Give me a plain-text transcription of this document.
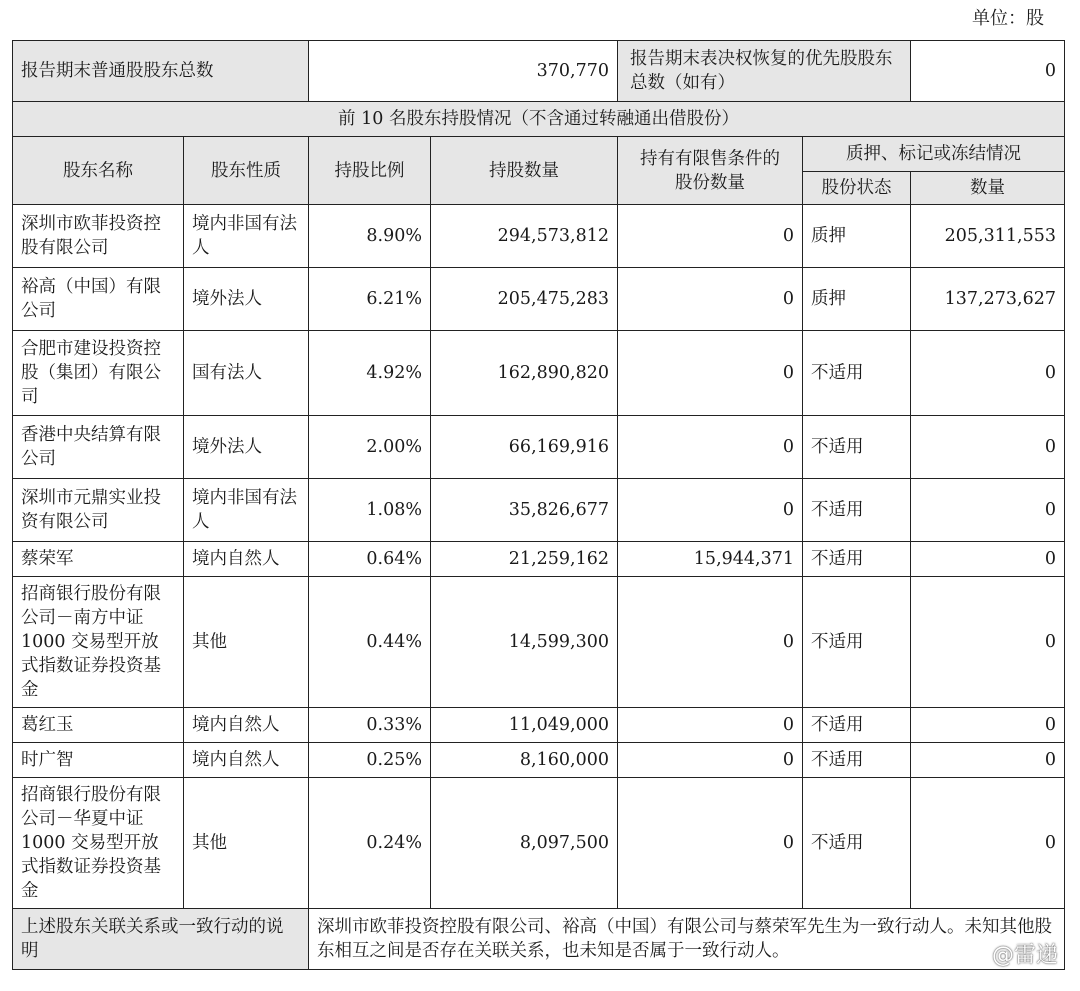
单位：股
报告期末普通股股东总数		370,770		报告期末表决权恢复的优先股股东总数（如有）		0
前 10 名股东持股情况（不含通过转融通出借股份）						
股东名称	股东性质	持股比例	持股数量	持有有限售条件的股份数量	质押、标记或冻结情况	
					股份状态	数量
深圳市欧菲投资控股有限公司	境内非国有法人	8.90%	294,573,812	0	质押	205,311,553
裕高（中国）有限公司	境外法人	6.21%	205,475,283	0	质押	137,273,627
合肥市建设投资控股（集团）有限公司	国有法人	4.92%	162,890,820	0	不适用	0
香港中央结算有限公司	境外法人	2.00%	66,169,916	0	不适用	0
深圳市元鼎实业投资有限公司	境内非国有法人	1.08%	35,826,677	0	不适用	0
蔡荣军	境内自然人	0.64%	21,259,162	15,944,371	不适用	0
招商银行股份有限公司－南方中证 1000 交易型开放式指数证券投资基金	其他	0.44%	14,599,300	0	不适用	0
葛红玉	境内自然人	0.33%	11,049,000	0	不适用	0
时广智	境内自然人	0.25%	8,160,000	0	不适用	0
招商银行股份有限公司－华夏中证 1000 交易型开放式指数证券投资基金	其他	0.24%	8,097,500	0	不适用	0
上述股东关联关系或一致行动的说明		深圳市欧菲投资控股有限公司、裕高（中国）有限公司与蔡荣军先生为一致行动人。未知其他股东相互之间是否存在关联关系，也未知是否属于一致行动人。					@雷递
